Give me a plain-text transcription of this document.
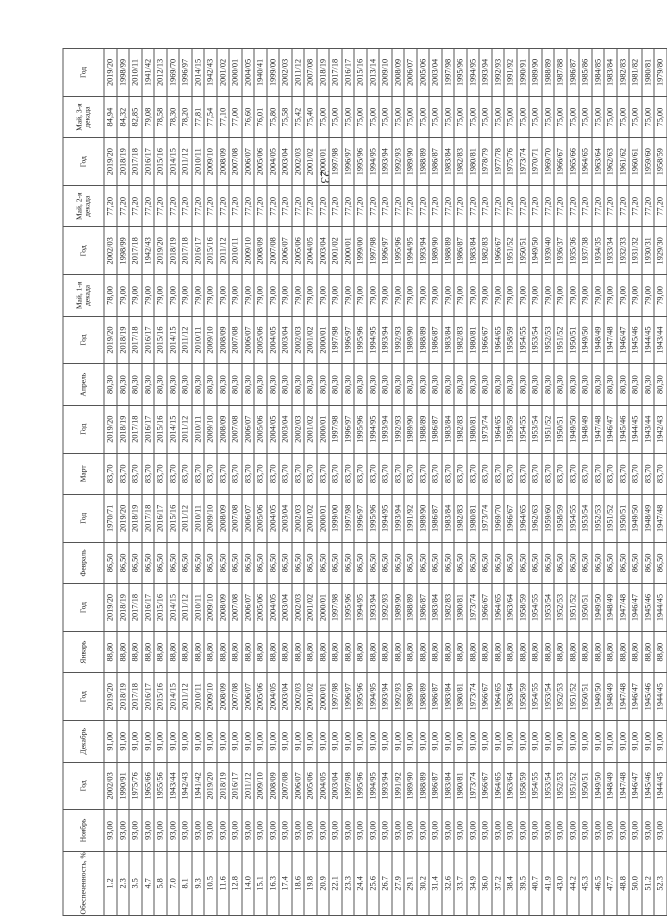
23
Обеспеченность, %	Ноябрь	Год	Декабрь	Год	Январь	Год	Февраль	Год	Март	Год	Апрель	Год	Май, 1-я декада	Год	Май, 2-я декада	Год	Май, 3-я декада	Год
1.2	93,00	2002/03	91,00	2019/20	88,80	2019/20	86,50	1970/71	83,70	2019/20	80,30	2019/20	78,00	2002/03	77,20	2019/20	84,94	2019/20
2.3	93,00	1990/91	91,00	2018/19	88,80	2018/19	86,50	2019/20	83,70	2018/19	80,30	2018/19	79,00	1998/99	77,20	2018/19	84,32	1998/99
3.5	93,00	1975/76	91,00	2017/18	88,80	2017/18	86,50	2018/19	83,70	2017/18	80,30	2017/18	79,00	2017/18	77,20	2017/18	82,85	2010/11
4.7	93,00	1965/66	91,00	2016/17	88,80	2016/17	86,50	2017/18	83,70	2016/17	80,30	2016/17	79,00	1942/43	77,20	2016/17	79,08	1941/42
5.8	93,00	1955/56	91,00	2015/16	88,80	2015/16	86,50	2016/17	83,70	2015/16	80,30	2015/16	79,00	2019/20	77,20	2015/16	78,58	2012/13
7.0	93,00	1943/44	91,00	2014/15	88,80	2014/15	86,50	2015/16	83,70	2014/15	80,30	2014/15	79,00	2018/19	77,20	2014/15	78,30	1969/70
8.1	93,00	1942/43	91,00	2011/12	88,80	2011/12	86,50	2011/12	83,70	2011/12	80,30	2011/12	79,00	2017/18	77,20	2011/12	78,20	1996/97
9.3	93,00	1941/42	91,00	2010/11	88,80	2010/11	86,50	2010/11	83,70	2010/11	80,30	2010/11	79,00	2016/17	77,20	2010/11	77,81	2014/15
10.5	93,00	2019/20	91,00	2009/10	88,80	2009/10	86,50	2009/10	83,70	2009/10	80,30	2009/10	79,00	2015/16	77,20	2009/10	77,54	1942/43
11.6	93,00	2018/19	91,00	2008/09	88,80	2008/09	86,50	2008/09	83,70	2008/09	80,30	2008/09	79,00	2011/12	77,20	2008/09	77,10	2001/02
12.8	93,00	2016/17	91,00	2007/08	88,80	2007/08	86,50	2007/08	83,70	2007/08	80,30	2007/08	79,00	2010/11	77,20	2007/08	77,00	2000/01
14.0	93,00	2011/12	91,00	2006/07	88,80	2006/07	86,50	2006/07	83,70	2006/07	80,30	2006/07	79,00	2009/10	77,20	2006/07	76,60	2004/05
15.1	93,00	2009/10	91,00	2005/06	88,80	2005/06	86,50	2005/06	83,70	2005/06	80,30	2005/06	79,00	2008/09	77,20	2005/06	76,01	1940/41
16.3	93,00	2008/09	91,00	2004/05	88,80	2004/05	86,50	2004/05	83,70	2004/05	80,30	2004/05	79,00	2007/08	77,20	2004/05	75,80	1999/00
17.4	93,00	2007/08	91,00	2003/04	88,80	2003/04	86,50	2003/04	83,70	2003/04	80,30	2003/04	79,00	2006/07	77,20	2003/04	75,58	2002/03
18.6	93,00	2006/07	91,00	2002/03	88,80	2002/03	86,50	2002/03	83,70	2002/03	80,30	2002/03	79,00	2005/06	77,20	2002/03	75,42	2011/12
19.8	93,00	2005/06	91,00	2001/02	88,80	2001/02	86,50	2001/02	83,70	2001/02	80,30	2001/02	79,00	2004/05	77,20	2001/02	75,40	2007/08
20.9	93,00	2004/05	91,00	2000/01	88,80	2000/01	86,50	2000/01	83,70	2000/01	80,30	2000/01	79,00	2003/04	77,20	2000/01	75,00	2018/19
22.1	93,00	2003/04	91,00	1997/98	88,80	1997/98	86,50	1999/00	83,70	1997/98	80,30	1997/98	79,00	2001/02	77,20	1997/98	75,00	2017/18
23.3	93,00	1997/98	91,00	1996/97	88,80	1995/96	86,50	1997/98	83,70	1996/97	80,30	1996/97	79,00	2000/01	77,20	1996/97	75,00	2016/17
24.4	93,00	1995/96	91,00	1995/96	88,80	1994/95	86,50	1996/97	83,70	1995/96	80,30	1995/96	79,00	1999/00	77,20	1995/96	75,00	2015/16
25.6	93,00	1994/95	91,00	1994/95	88,80	1993/94	86,50	1995/96	83,70	1994/95	80,30	1994/95	79,00	1997/98	77,20	1994/95	75,00	2013/14
26.7	93,00	1993/94	91,00	1993/94	88,80	1992/93	86,50	1994/95	83,70	1993/94	80,30	1993/94	79,00	1996/97	77,20	1993/94	75,00	2009/10
27.9	93,00	1991/92	91,00	1992/93	88,80	1989/90	86,50	1993/94	83,70	1992/93	80,30	1992/93	79,00	1995/96	77,20	1992/93	75,00	2008/09
29.1	93,00	1989/90	91,00	1989/90	88,80	1988/89	86,50	1991/92	83,70	1989/90	80,30	1989/90	79,00	1994/95	77,20	1989/90	75,00	2006/07
30.2	93,00	1988/89	91,00	1988/89	88,80	1986/87	86,50	1989/90	83,70	1988/89	80,30	1988/89	79,00	1993/94	77,20	1988/89	75,00	2005/06
31.4	93,00	1986/87	91,00	1986/87	88,80	1983/84	86,50	1986/87	83,70	1986/87	80,30	1986/87	79,00	1989/90	77,20	1986/87	75,00	2003/04
32.6	93,00	1983/84	91,00	1983/84	88,80	1982/83	86,50	1983/84	83,70	1983/84	80,30	1983/84	79,00	1988/89	77,20	1983/84	75,00	1997/98
33.7	93,00	1980/81	91,00	1980/81	88,80	1980/81	86,50	1982/83	83,70	1982/83	80,30	1982/83	79,00	1986/87	77,20	1982/83	75,00	1995/96
34.9	93,00	1973/74	91,00	1973/74	88,80	1973/74	86,50	1980/81	83,70	1980/81	80,30	1980/81	79,00	1983/84	77,20	1980/81	75,00	1994/95
36.0	93,00	1966/67	91,00	1966/67	88,80	1966/67	86,50	1973/74	83,70	1973/74	80,30	1966/67	79,00	1982/83	77,20	1978/79	75,00	1993/94
37.2	93,00	1964/65	91,00	1964/65	88,80	1964/65	86,50	1969/70	83,70	1964/65	80,30	1964/65	79,00	1966/67	77,20	1977/78	75,00	1992/93
38.4	93,00	1963/64	91,00	1963/64	88,80	1963/64	86,50	1966/67	83,70	1958/59	80,30	1958/59	79,00	1951/52	77,20	1975/76	75,00	1991/92
39.5	93,00	1958/59	91,00	1958/59	88,80	1958/59	86,50	1964/65	83,70	1954/55	80,30	1954/55	79,00	1950/51	77,20	1973/74	75,00	1990/91
40.7	93,00	1954/55	91,00	1954/55	88,80	1954/55	86,50	1962/63	83,70	1953/54	80,30	1953/54	79,00	1949/50	77,20	1970/71	75,00	1989/90
41.9	93,00	1953/54	91,00	1953/54	88,80	1953/54	86,50	1959/60	83,70	1951/52	80,30	1952/53	79,00	1939/40	77,20	1969/70	75,00	1988/89
43.0	93,00	1952/53	91,00	1952/53	88,80	1952/53	86,50	1958/59	83,70	1950/51	80,30	1951/52	79,00	1936/37	77,20	1966/67	75,00	1987/88
44.2	93,00	1951/52	91,00	1951/52	88,80	1951/52	86,50	1954/55	83,70	1949/50	80,30	1950/51	79,00	1935/36	77,20	1965/66	75,00	1986/87
45.3	93,00	1950/51	91,00	1950/51	88,80	1950/51	86,50	1953/54	83,70	1948/49	80,30	1949/50	79,00	1937/38	77,20	1964/65	75,00	1985/86
46.5	93,00	1949/50	91,00	1949/50	88,80	1949/50	86,50	1952/53	83,70	1947/48	80,30	1948/49	79,00	1934/35	77,20	1963/64	75,00	1984/85
47.7	93,00	1948/49	91,00	1948/49	88,80	1948/49	86,50	1951/52	83,70	1946/47	80,30	1947/48	79,00	1933/34	77,20	1962/63	75,00	1983/84
48.8	93,00	1947/48	91,00	1947/48	88,80	1947/48	86,50	1950/51	83,70	1945/46	80,30	1946/47	79,00	1932/33	77,20	1961/62	75,00	1982/83
50.0	93,00	1946/47	91,00	1946/47	88,80	1946/47	86,50	1949/50	83,70	1944/45	80,30	1945/46	79,00	1931/32	77,20	1960/61	75,00	1981/82
51.2	93,00	1945/46	91,00	1945/46	88,80	1945/46	86,50	1948/49	83,70	1943/44	80,30	1944/45	79,00	1930/31	77,20	1959/60	75,00	1980/81
52.3	93,00	1944/45	91,00	1944/45	88,80	1944/45	86,50	1947/48	83,70	1942/43	80,30	1943/44	79,00	1929/30	77,20	1958/59	75,00	1979/80
